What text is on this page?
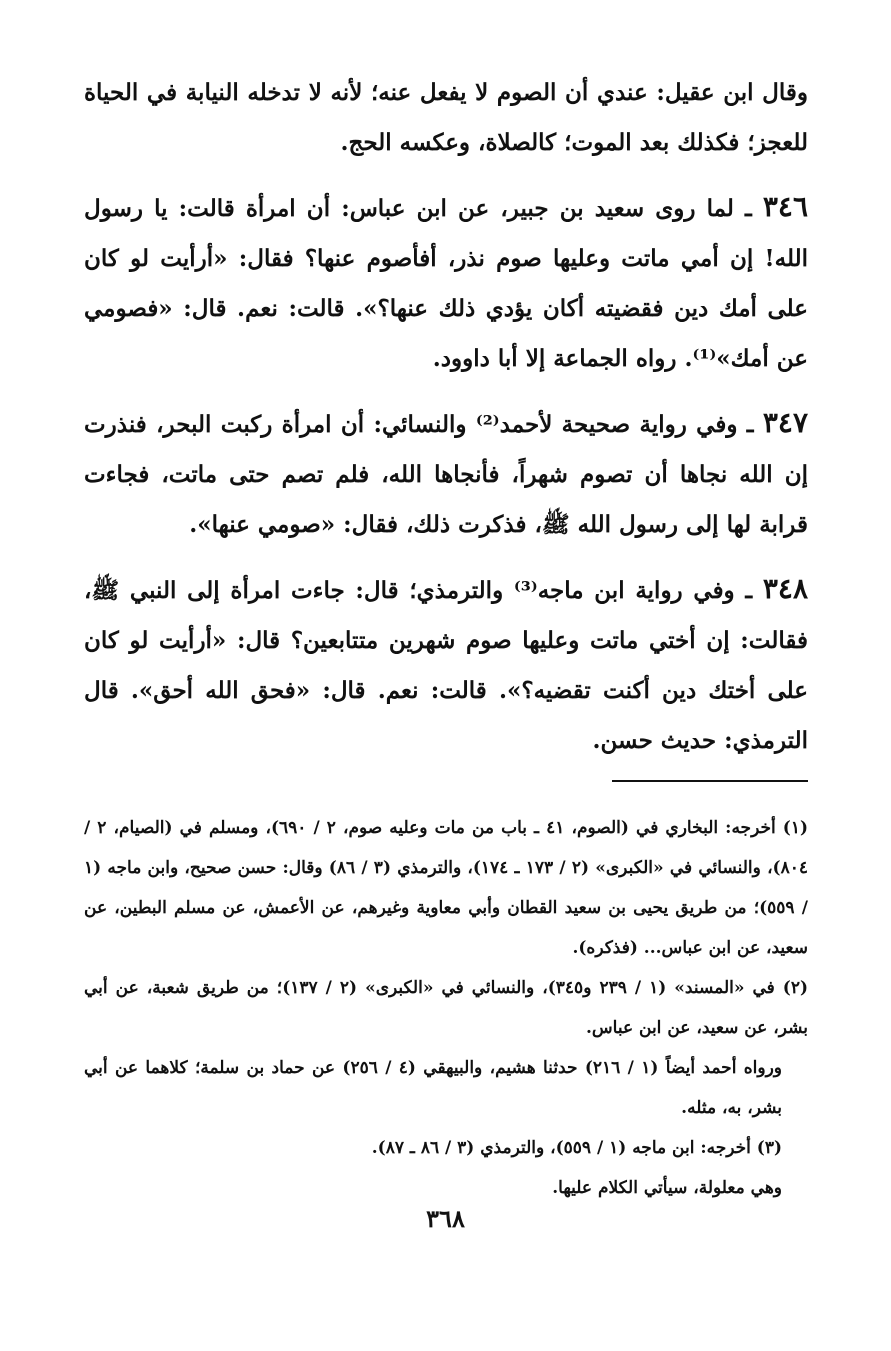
وقال ابن عقيل: عندي أن الصوم لا يفعل عنه؛ لأنه لا تدخله النيابة في الحياة للعجز؛ فكذلك بعد الموت؛ كالصلاة، وعكسه الحج.

٣٤٦ ـ لما روى سعيد بن جبير، عن ابن عباس: أن امرأة قالت: يا رسول الله! إن أمي ماتت وعليها صوم نذر، أفأصوم عنها؟ فقال: «أرأيت لو كان على أمك دين فقضيته أكان يؤدي ذلك عنها؟». قالت: نعم. قال: «فصومي عن أمك»⁽¹⁾. رواه الجماعة إلا أبا داوود.

٣٤٧ ـ وفي رواية صحيحة لأحمد⁽²⁾ والنسائي: أن امرأة ركبت البحر، فنذرت إن الله نجاها أن تصوم شهراً، فأنجاها الله، فلم تصم حتى ماتت، فجاءت قرابة لها إلى رسول الله ﷺ، فذكرت ذلك، فقال: «صومي عنها».

٣٤٨ ـ وفي رواية ابن ماجه⁽³⁾ والترمذي؛ قال: جاءت امرأة إلى النبي ﷺ، فقالت: إن أختي ماتت وعليها صوم شهرين متتابعين؟ قال: «أرأيت لو كان على أختك دين أكنت تقضيه؟». قالت: نعم. قال: «فحق الله أحق». قال الترمذي: حديث حسن.

(١) أخرجه: البخاري في (الصوم، ٤١ ـ باب من مات وعليه صوم، ٢ / ٦٩٠)، ومسلم في (الصيام، ٢ / ٨٠٤)، والنسائي في «الكبرى» (٢ / ١٧٣ ـ ١٧٤)، والترمذي (٣ / ٨٦) وقال: حسن صحيح، وابن ماجه (١ / ٥٥٩)؛ من طريق يحيى بن سعيد القطان وأبي معاوية وغيرهم، عن الأعمش، عن مسلم البطين، عن سعيد، عن ابن عباس... (فذكره).

(٢) في «المسند» (١ / ٢٣٩ و٣٤٥)، والنسائي في «الكبرى» (٢ / ١٣٧)؛ من طريق شعبة، عن أبي بشر، عن سعيد، عن ابن عباس.

ورواه أحمد أيضاً (١ / ٢١٦) حدثنا هشيم، والبيهقي (٤ / ٢٥٦) عن حماد بن سلمة؛ كلاهما عن أبي بشر، به، مثله.

(٣) أخرجه: ابن ماجه (١ / ٥٥٩)، والترمذي (٣ / ٨٦ ـ ٨٧).

وهي معلولة، سيأتي الكلام عليها.

٣٦٨
